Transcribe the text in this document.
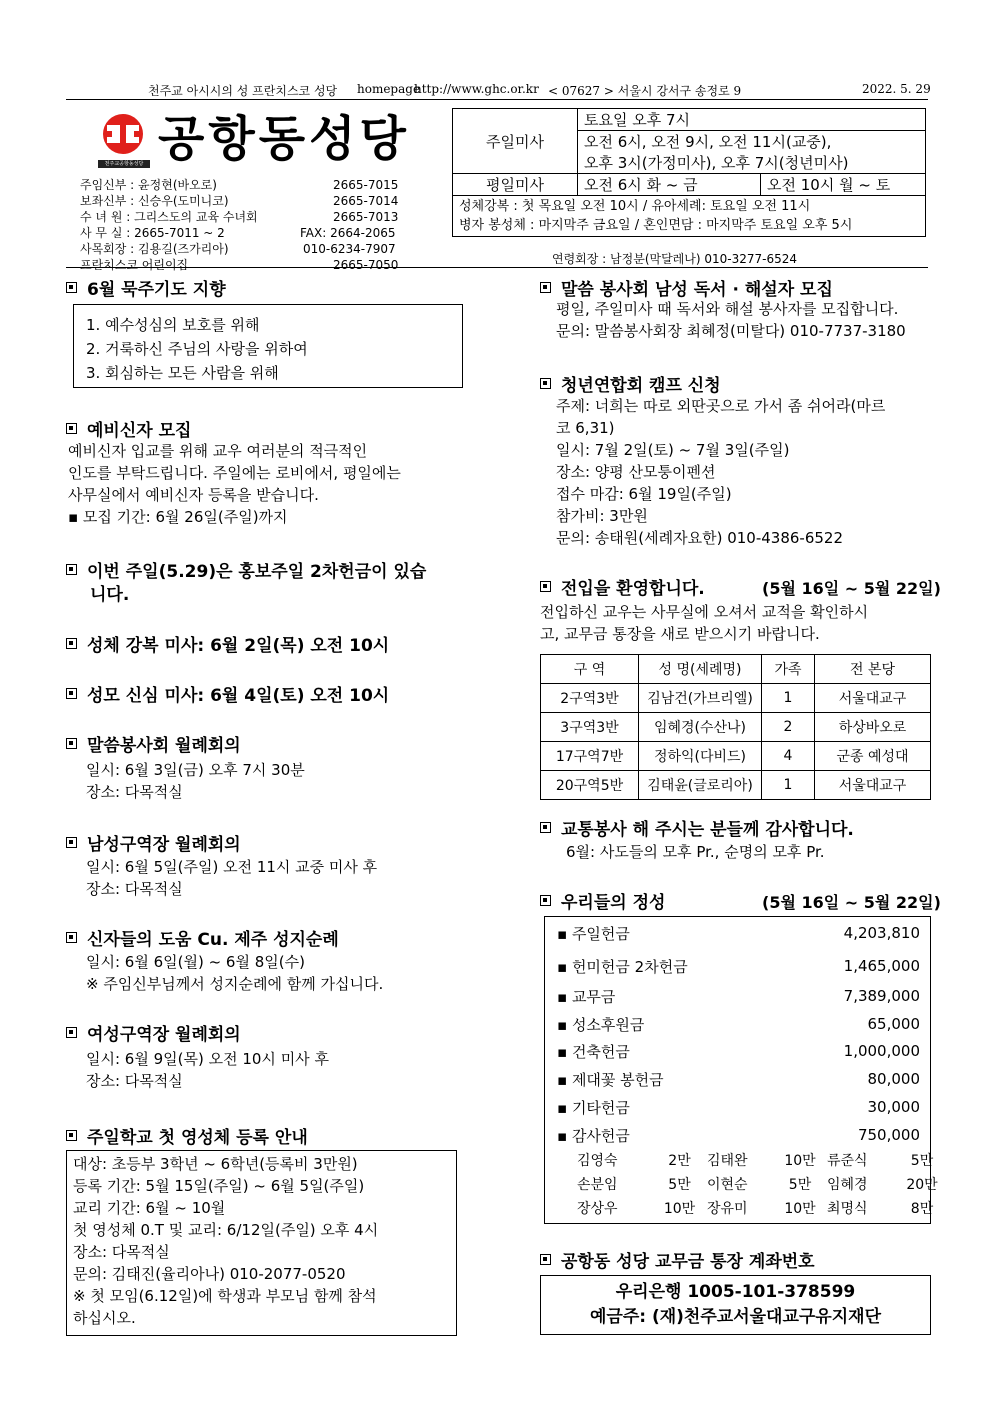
천주교 아시시의 성 프란치스코 성당 homepage
http://www.ghc.or.kr < 07627 > 서울시 강서구 송정로 9	2022. 5. 29
천주교공항동성당 공항동성당
주임신부 : 윤정현(바오로)	2665-7015
보좌신부 : 신승우(도미니코)	2665-7014
수 녀 원 : 그리스도의 교육 수녀회	2665-7013
사 무 실 : 2665-7011 ~ 2	FAX: 2664-2065
사목회장 : 김용길(즈가리아)	010-6234-7907
프란치스코 어린이집	2665-7050
주일미사	토요일 오후 7시	
	오전 6시, 오전 9시, 오전 11시(교중),	
	오후 3시(가정미사), 오후 7시(청년미사)	
평일미사	오전 6시 화 ~ 금	오전 10시 월 ~ 토

성체강복 : 첫 목요일 오전 10시 / 유아세례: 토요일 오전 11시
병자 봉성체 : 마지막주 금요일 / 혼인면담 : 마지막주 토요일 오후 5시		
연령회장 : 남정분(막달레나) 010-3277-6524
6월 묵주기도 지향
1. 예수성심의 보호를 위해
2. 거룩하신 주님의 사랑을 위하여
3. 회심하는 모든 사람을 위해
예비신자 모집
예비신자 입교를 위해 교우 여러분의 적극적인
인도를 부탁드립니다. 주일에는 로비에서, 평일에는
사무실에서 예비신자 등록을 받습니다.
▪ 모집 기간: 6월 26일(주일)까지
이번 주일(5.29)은 홍보주일 2차헌금이 있습
니다.
성체 강복 미사: 6월 2일(목) 오전 10시
성모 신심 미사: 6월 4일(토) 오전 10시
말씀봉사회 월례회의
일시: 6월 3일(금) 오후 7시 30분
장소: 다목적실
남성구역장 월례회의
일시: 6월 5일(주일) 오전 11시 교중 미사 후
장소: 다목적실
신자들의 도움 Cu. 제주 성지순례
일시: 6월 6일(월) ~ 6월 8일(수)
※ 주임신부님께서 성지순례에 함께 가십니다.
여성구역장 월례회의
일시: 6월 9일(목) 오전 10시 미사 후
장소: 다목적실
주일학교 첫 영성체 등록 안내
대상: 초등부 3학년 ~ 6학년(등록비 3만원)
등록 기간: 5월 15일(주일) ~ 6월 5일(주일)
교리 기간: 6월 ~ 10월
첫 영성체 0.T 및 교리: 6/12일(주일) 오후 4시
장소: 다목적실
문의: 김태진(율리아나) 010-2077-0520
※ 첫 모임(6.12일)에 학생과 부모님 함께 참석
하십시오.
말씀 봉사회 남성 독서 · 해설자 모집
평일, 주일미사 때 독서와 해설 봉사자를 모집합니다.
문의: 말씀봉사회장 최혜정(미탈다) 010-7737-3180
청년연합회 캠프 신청
주제: 너희는 따로 외딴곳으로 가서 좀 쉬어라(마르
코 6,31)
일시: 7월 2일(토) ~ 7월 3일(주일)
장소: 양평 산모퉁이펜션
접수 마감: 6월 19일(주일)
참가비: 3만원
문의: 송태원(세례자요한) 010-4386-6522
전입을 환영합니다.	(5월 16일 ~ 5월 22일)
전입하신 교우는 사무실에 오셔서 교적을 확인하시
고, 교무금 통장을 새로 받으시기 바랍니다.
구 역	성 명(세례명)	가족	전 본당
2구역3반	김남건(가브리엘)	1	서울대교구
3구역3반	임혜경(수산나)	2	하상바오로
17구역7반	정하익(다비드)	4	군종 예성대
20구역5반	김태윤(글로리아)	1	서울대교구
교통봉사 해 주시는 분들께 감사합니다.
6월: 사도들의 모후 Pr., 순명의 모후 Pr.
우리들의 정성	(5월 16일 ~ 5월 22일)
▪ 주일헌금	4,203,810
▪ 헌미헌금 2차헌금	1,465,000
▪ 교무금	7,389,000
▪ 성소후원금	65,000
▪ 건축헌금	1,000,000
▪ 제대꽃 봉헌금	80,000
▪ 기타헌금	30,000
▪ 감사헌금	750,000
김영숙	2만	김태완	10만 류준식	5만
손분임	5만	이현순	5만	임혜경	20만
장상우	10만 장유미	10만 최명식	8만
공항동 성당 교무금 통장 계좌번호
우리은행 1005-101-378599
예금주: (재)천주교서울대교구유지재단
